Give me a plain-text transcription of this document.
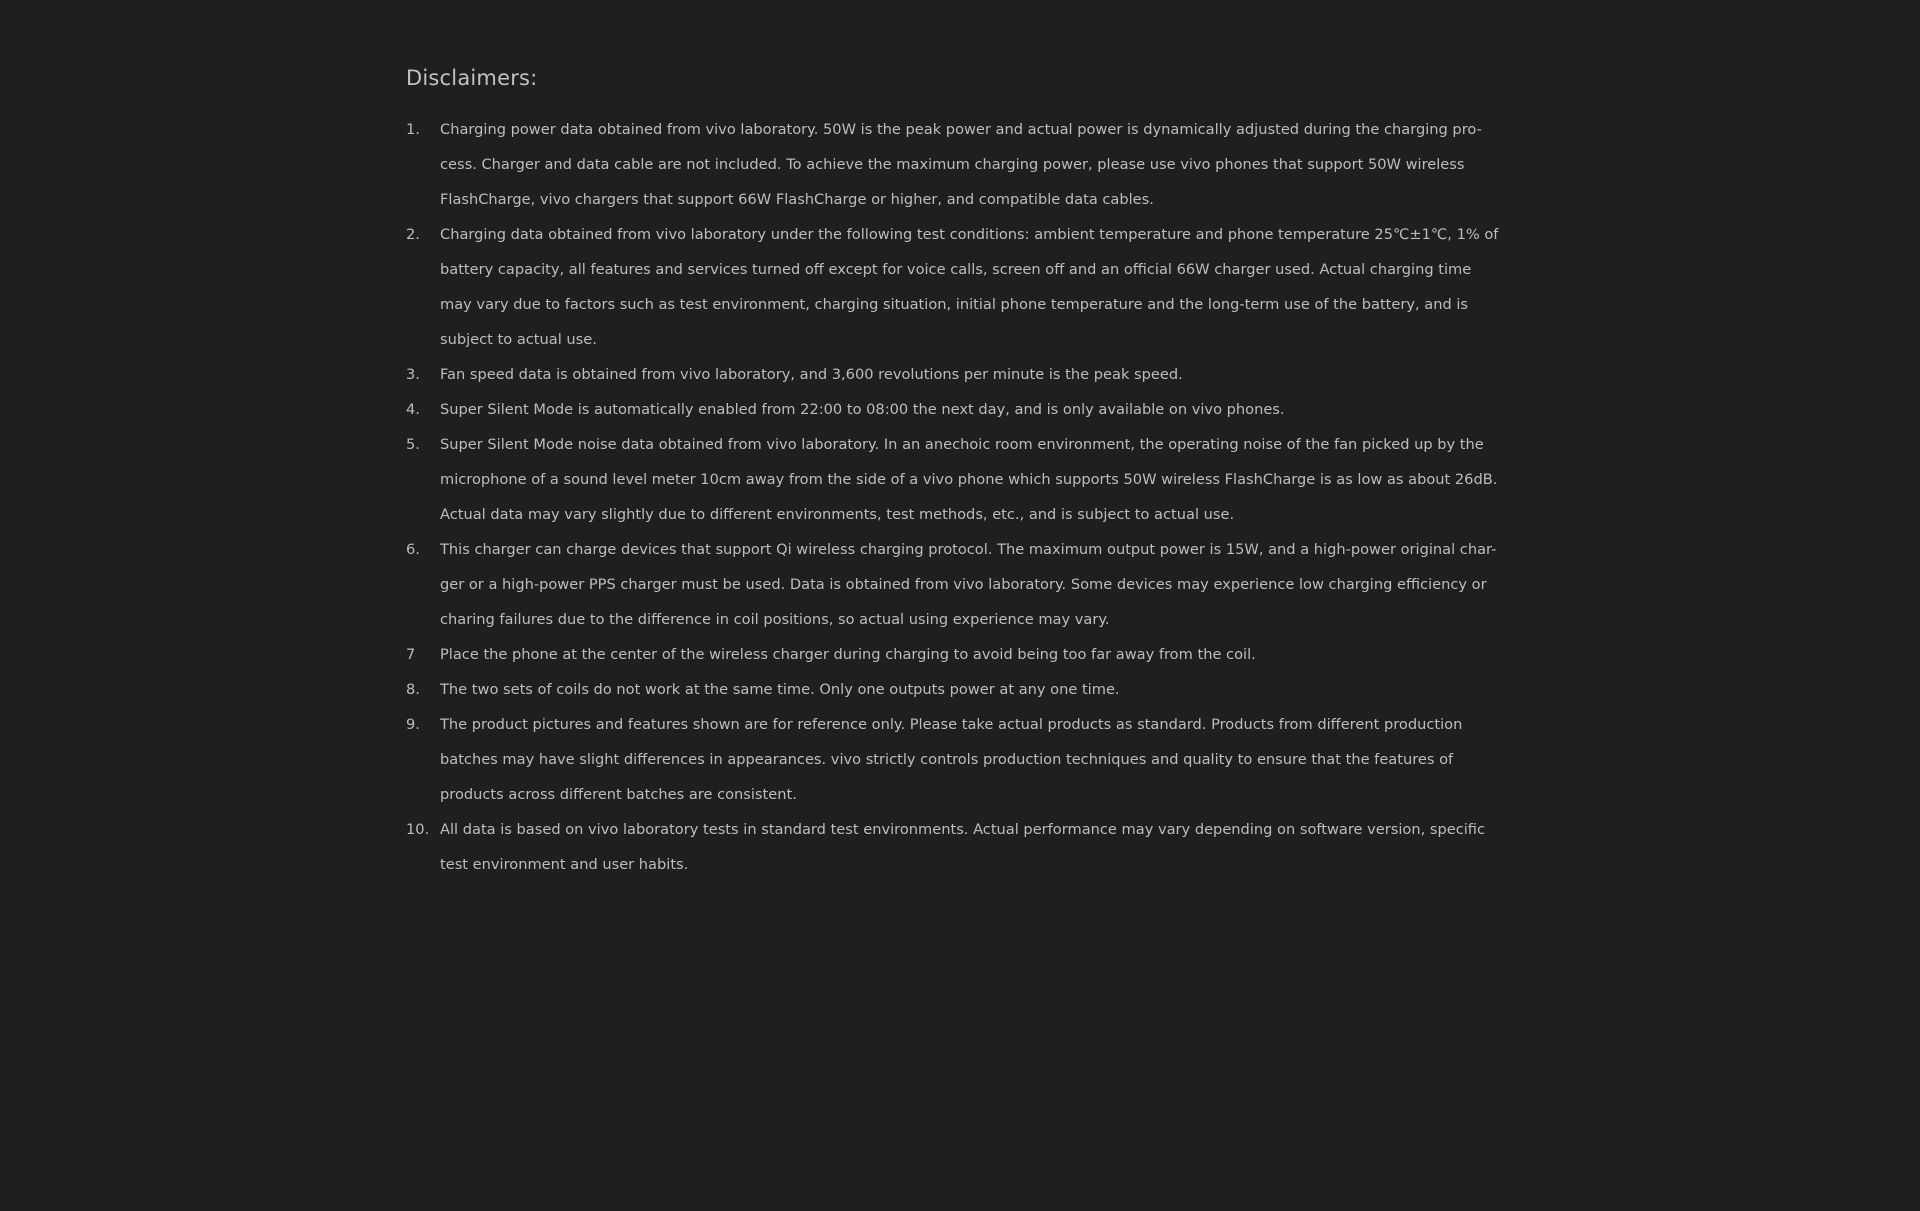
Disclaimers:
1.	Charging power data obtained from vivo laboratory. 50W is the peak power and actual power is dynamically adjusted during the charging pro-cess. Charger and data cable are not included. To achieve the maximum charging power, please use vivo phones that support 50W wireless FlashCharge, vivo chargers that support 66W FlashCharge or higher, and compatible data cables.
2.	Charging data obtained from vivo laboratory under the following test conditions: ambient temperature and phone temperature 25℃±1℃, 1% of battery capacity, all features and services turned off except for voice calls, screen off and an official 66W charger used. Actual charging time may vary due to factors such as test environment, charging situation, initial phone temperature and the long-term use of the battery, and is subject to actual use.
3.	Fan speed data is obtained from vivo laboratory, and 3,600 revolutions per minute is the peak speed.
4.	Super Silent Mode is automatically enabled from 22:00 to 08:00 the next day, and is only available on vivo phones.
5.	Super Silent Mode noise data obtained from vivo laboratory. In an anechoic room environment, the operating noise of the fan picked up by the microphone of a sound level meter 10cm away from the side of a vivo phone which supports 50W wireless FlashCharge is as low as about 26dB. Actual data may vary slightly due to different environments, test methods, etc., and is subject to actual use.
6.	This charger can charge devices that support Qi wireless charging protocol. The maximum output power is 15W, and a high-power original char-ger or a high-power PPS charger must be used. Data is obtained from vivo laboratory. Some devices may experience low charging efficiency or charing failures due to the difference in coil positions, so actual using experience may vary.
7	Place the phone at the center of the wireless charger during charging to avoid being too far away from the coil.
8.	The two sets of coils do not work at the same time. Only one outputs power at any one time.
9.	The product pictures and features shown are for reference only. Please take actual products as standard. Products from different production batches may have slight differences in appearances. vivo strictly controls production techniques and quality to ensure that the features of products across different batches are consistent.
10. All data is based on vivo laboratory tests in standard test environments. Actual performance may vary depending on software version, specific test environment and user habits.
